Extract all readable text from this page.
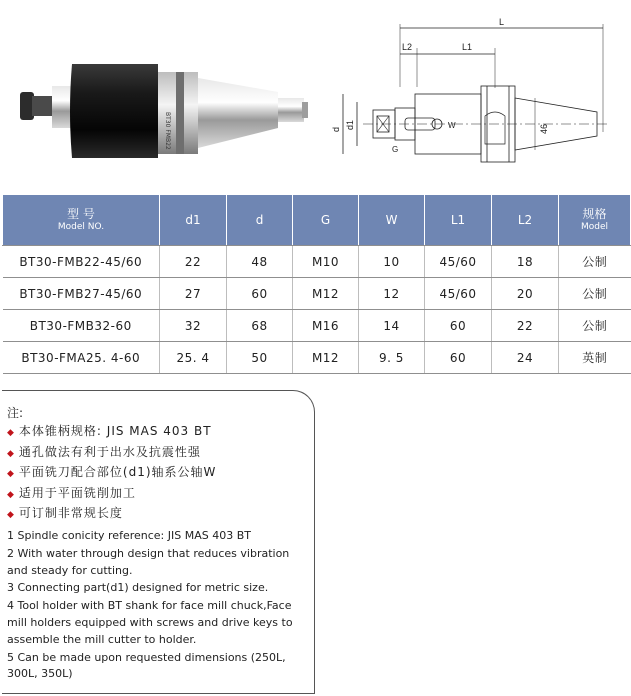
BT30 FMB22
L
L2	L1
d d1	W
G
46
型 号
Model NO.	d1	d	G	W	L1	L2	规格
Model

BT30-FMB22-45/60	22	48	M10	10	45/60	18	公制
BT30-FMB27-45/60	27	60	M12	12	45/60	20	公制
BT30-FMB32-60	32	68	M16	14	60	22	公制
BT30-FMA25. 4-60	25. 4	50	M12	9. 5	60	24	英制
注:
◆ 本体锥柄规格: JIS MAS 403 BT
◆ 通孔做法有利于出水及抗震性强
◆ 平面铣刀配合部位(d1)轴系公轴W
◆ 适用于平面铣削加工
◆ 可订制非常规长度
1 Spindle conicity reference: JIS MAS 403 BT
2 With water through design that reduces vibration and steady for cutting.
3 Connecting part(d1) designed for metric size.
4 Tool holder with BT shank for face mill chuck,Face mill holders equipped with screws and drive keys to assemble the mill cutter to holder.
5 Can be made upon requested dimensions (250L, 300L, 350L)
